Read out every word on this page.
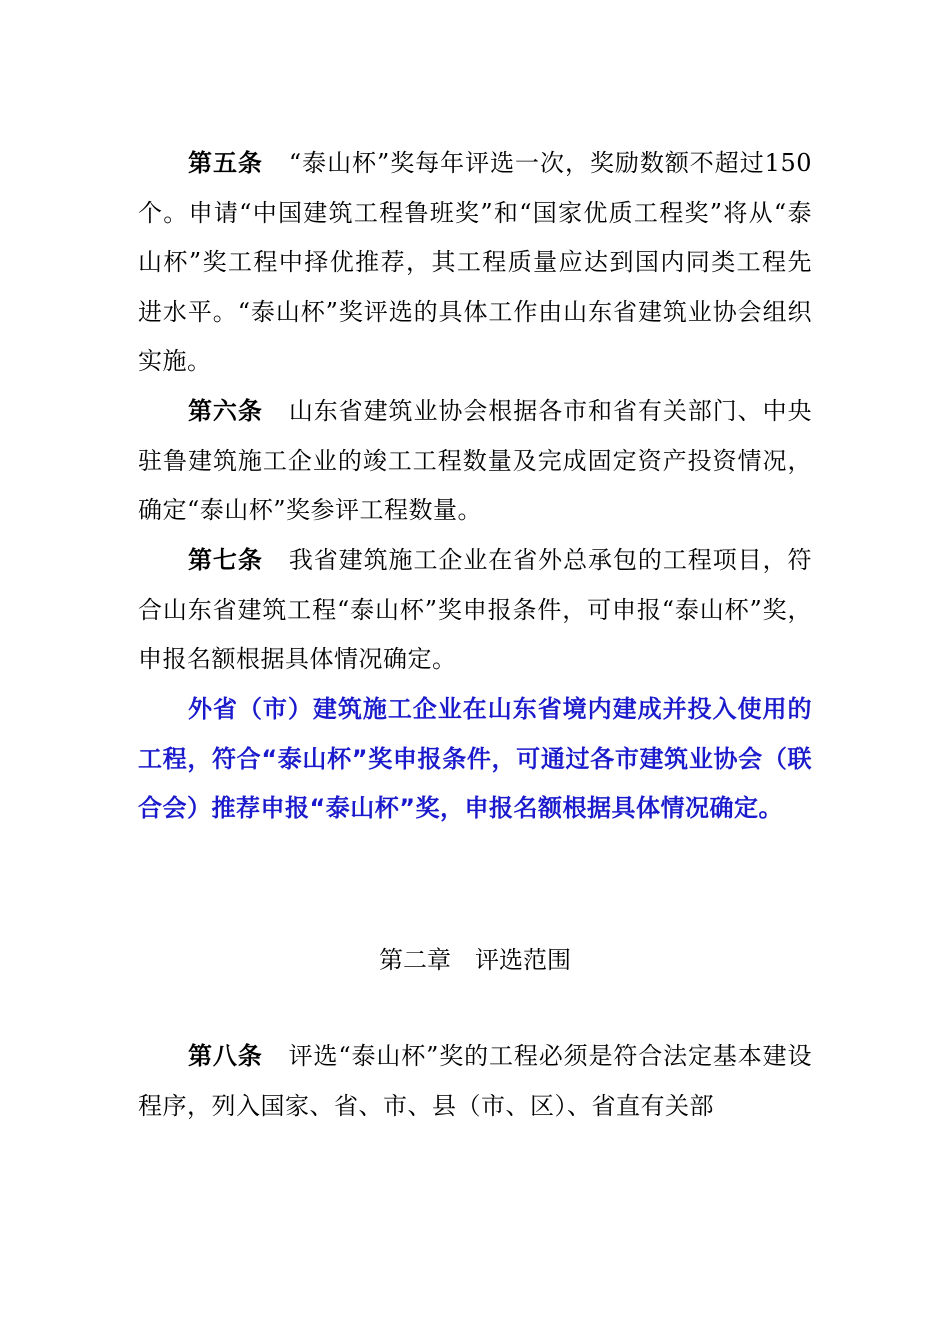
第五条 “泰山杯”奖每年评选一次，奖励数额不超过150个。申请“中国建筑工程鲁班奖”和“国家优质工程奖”将从“泰山杯”奖工程中择优推荐，其工程质量应达到国内同类工程先进水平。“泰山杯”奖评选的具体工作由山东省建筑业协会组织实施。

第六条 山东省建筑业协会根据各市和省有关部门、中央驻鲁建筑施工企业的竣工工程数量及完成固定资产投资情况，确定“泰山杯”奖参评工程数量。

第七条 我省建筑施工企业在省外总承包的工程项目，符合山东省建筑工程“泰山杯”奖申报条件，可申报“泰山杯”奖，申报名额根据具体情况确定。

外省（市）建筑施工企业在山东省境内建成并投入使用的工程，符合“泰山杯”奖申报条件，可通过各市建筑业协会（联合会）推荐申报“泰山杯”奖，申报名额根据具体情况确定。

第二章 评选范围

第八条 评选“泰山杯”奖的工程必须是符合法定基本建设程序，列入国家、省、市、县（市、区）、省直有关部
